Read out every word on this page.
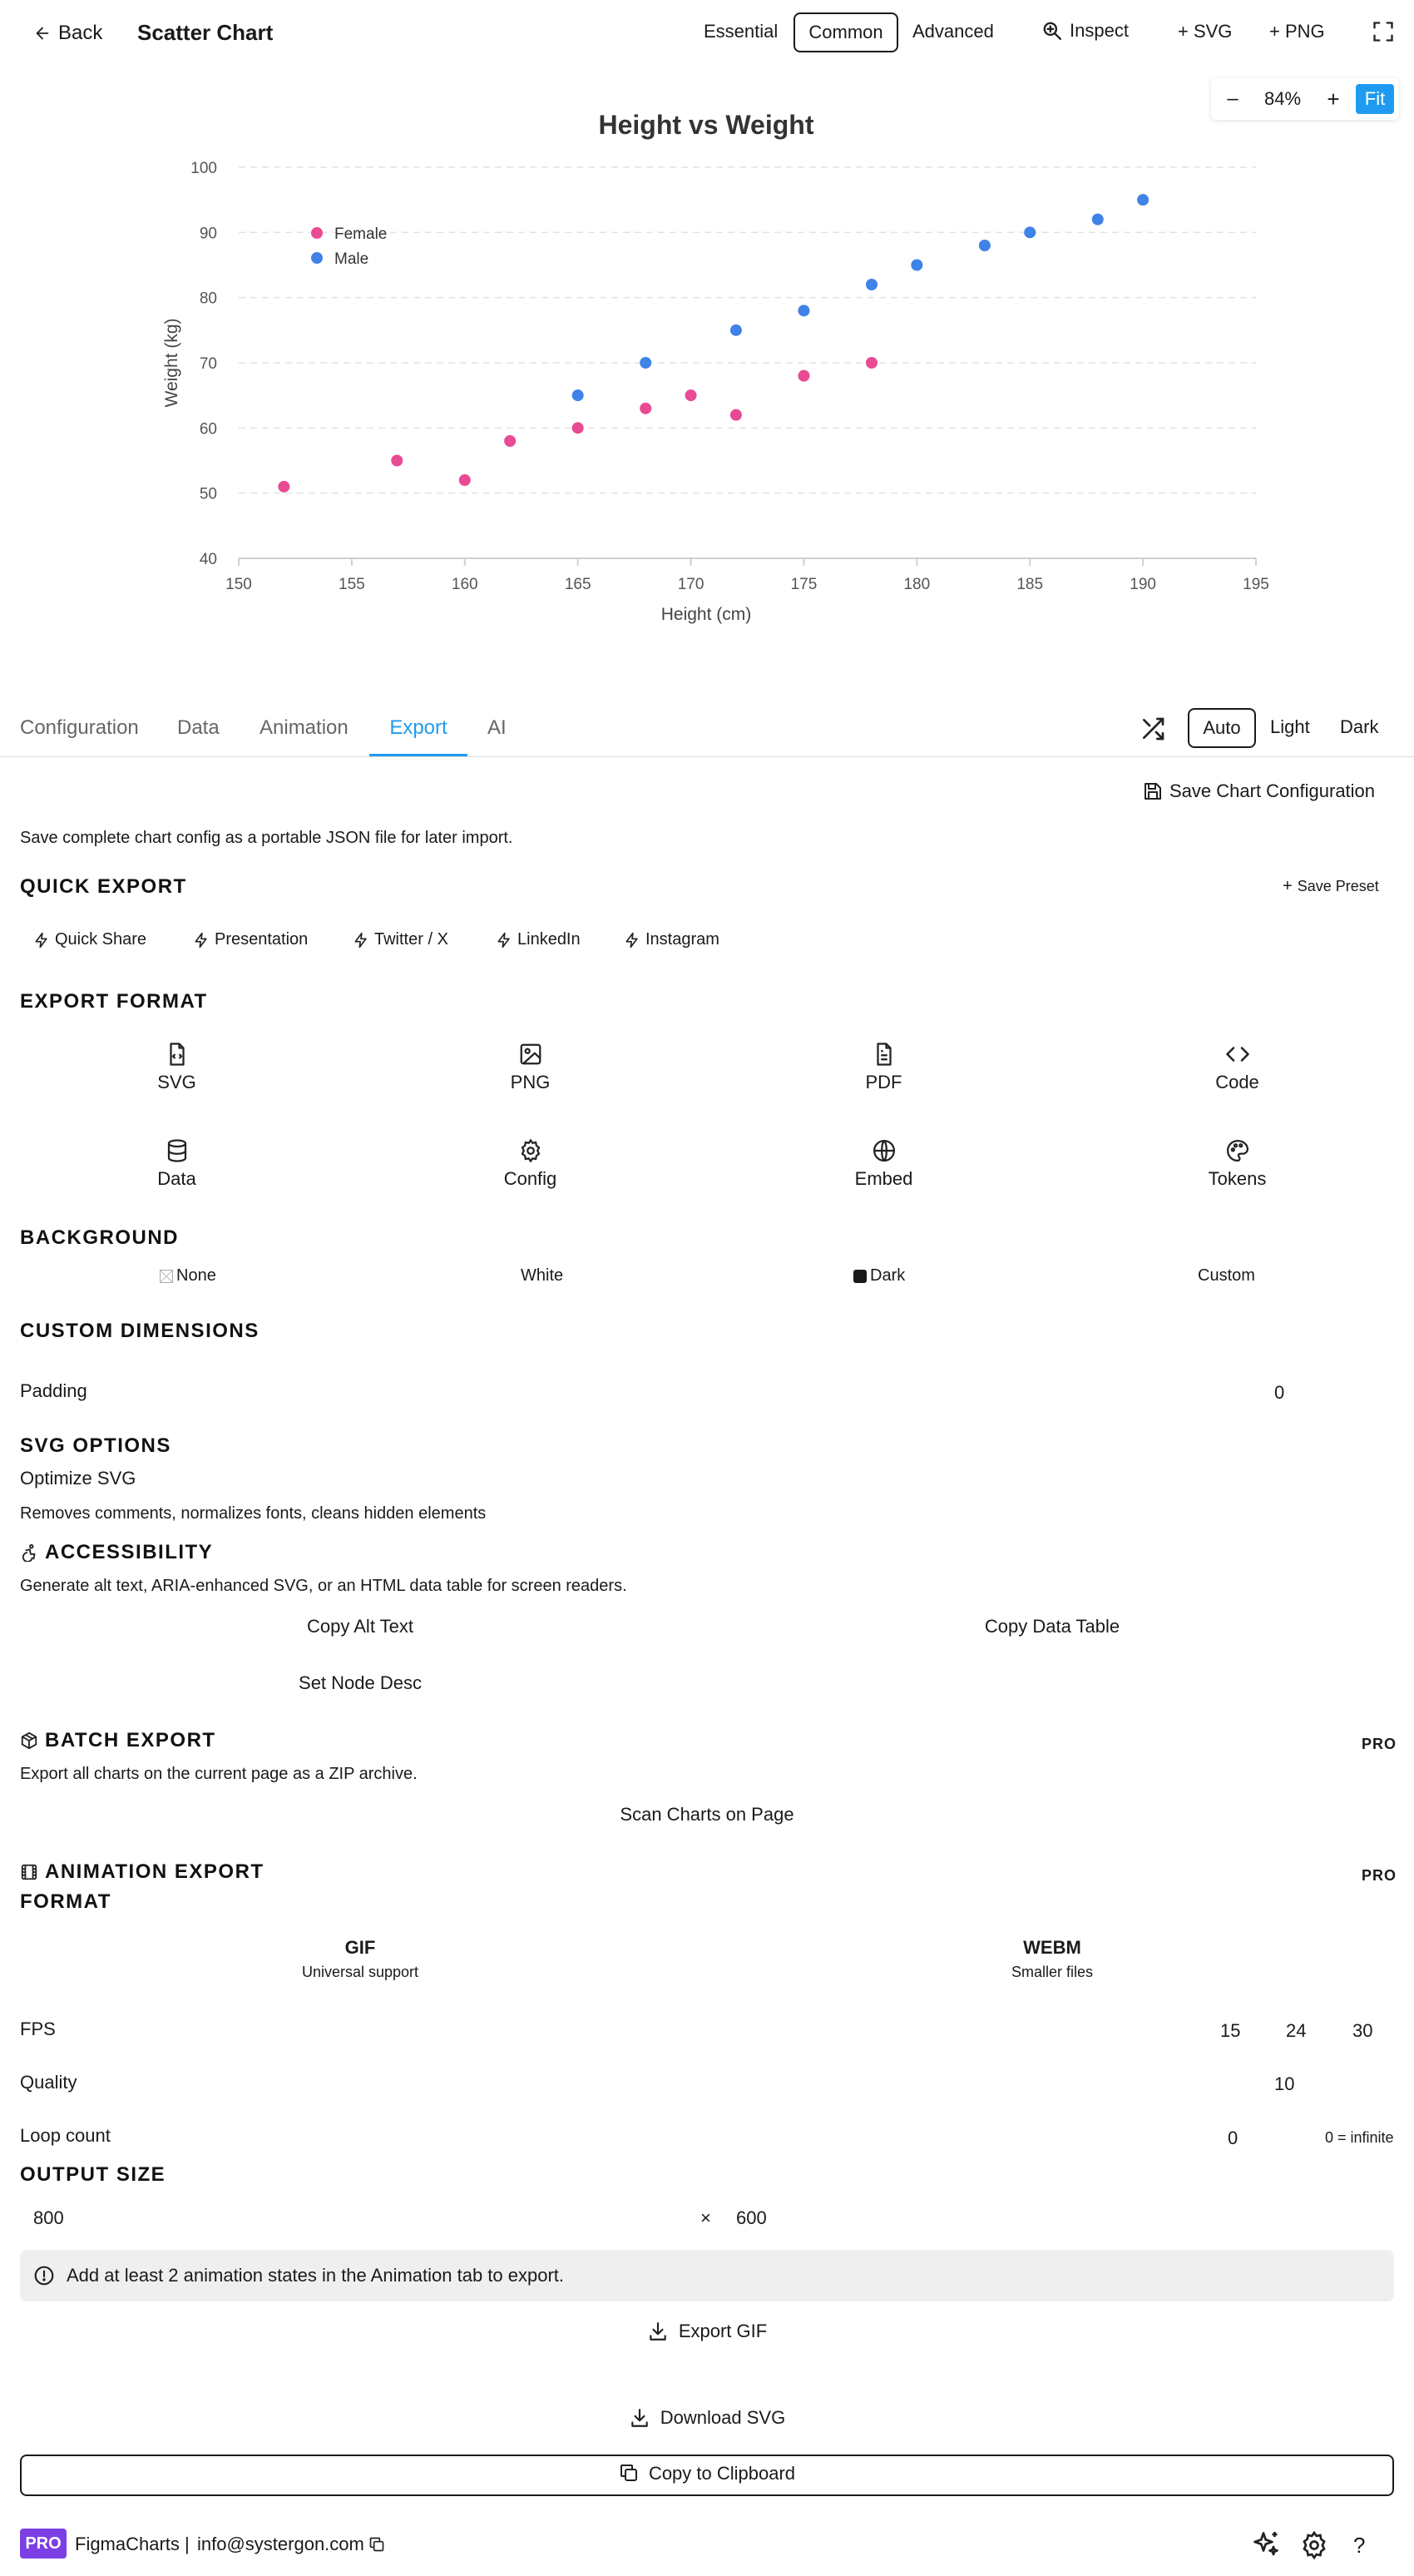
Back Scatter Chart	Essential Common Advanced	Inspect	+ SVG + PNG
–	84%	+	Fit
40
50
60
70
80
90
100
150	155	160	165	170	175	180	185	190	195
Female
Male
Height vs Weight
Height (cm)
Weight (kg)
Configuration Data Animation	Export	AI	Auto Light Dark
Save Chart Configuration
Save complete chart config as a portable JSON file for later import.
QUICK EXPORT	+ Save Preset
Quick Share	Presentation	Twitter / X	LinkedIn	Instagram
EXPORT FORMAT
SVG	PNG	PDF	Code
Data	Config	Embed	Tokens
BACKGROUND
None	White	Dark	Custom
CUSTOM DIMENSIONS
Padding	0
SVG OPTIONS
Optimize SVG
Removes comments, normalizes fonts, cleans hidden elements
ACCESSIBILITY
Generate alt text, ARIA-enhanced SVG, or an HTML data table for screen readers.
Copy Alt Text	Copy Data Table
Set Node Desc
BATCH EXPORT	PRO
Export all charts on the current page as a ZIP archive.
Scan Charts on Page
ANIMATION EXPORT	PRO
FORMAT
GIF
Universal support
WEBM
Smaller files
FPS	15 24	30
Quality	10
Loop count	0	0 = infinite
OUTPUT SIZE
800	× 600
Add at least 2 animation states in the Animation tab to export.
Export GIF
Download SVG
Copy to Clipboard
PRO FigmaCharts | info@systergon.com	?
